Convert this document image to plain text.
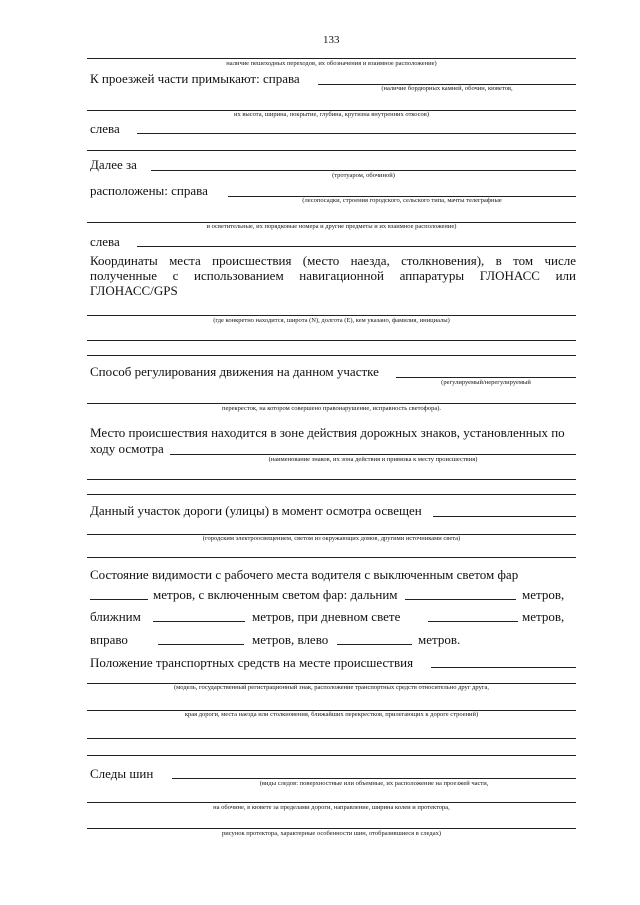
133
наличие пешеходных переходов, их обозначения и взаимное расположение)
К проезжей части примыкают: справа
(наличие бордюрных камней, обочин, кюветов,
их высота, ширина, покрытие, глубина, крутизна внутренних откосов)
слева
Далее за
(тротуаром, обочиной)
расположены: справа
(лесопосадки, строения городского, сельского типа, мачты телеграфные
и осветительные, их порядковые номера и другие предметы и их взаимное расположение)
слева
Координаты места происшествия (место наезда, столкновения), в том числе полученные с использованием навигационной аппаратуры ГЛОНАСС или ГЛОНАСС/GPS
(где конкретно находится, широта (N), долгота (E), кем указано, фамилия, инициалы)
Способ регулирования движения на данном участке
(регулируемый/нерегулируемый
перекресток, на котором совершено правонарушение, исправность светофора).
Место происшествия находится в зоне действия дорожных знаков, установленных по
ходу осмотра
(наименование знаков, их зона действия и привязка к месту происшествия)
Данный участок дороги (улицы) в момент осмотра освещен
(городским электроосвещением, светом из окружающих домов, другими источниками света)
Состояние видимости с рабочего места водителя с выключенным светом фар
метров, с включенным светом фар: дальним	метров,
ближним	метров, при дневном свете	метров,
вправо	метров, влево	метров.
Положение транспортных средств на месте происшествия
(модель, государственный регистрационный знак, расположение транспортных средств относительно друг друга,
края дороги, места наезда или столкновения, ближайших перекрестков, прилегающих к дороге строений)
Следы шин
(виды следов: поверхностные или объемные, их расположение на проезжей части,
на обочине, в кювете за пределами дороги, направление, ширина колеи и протектора,
рисунок протектора, характерные особенности шин, отобразившиеся в следах)
